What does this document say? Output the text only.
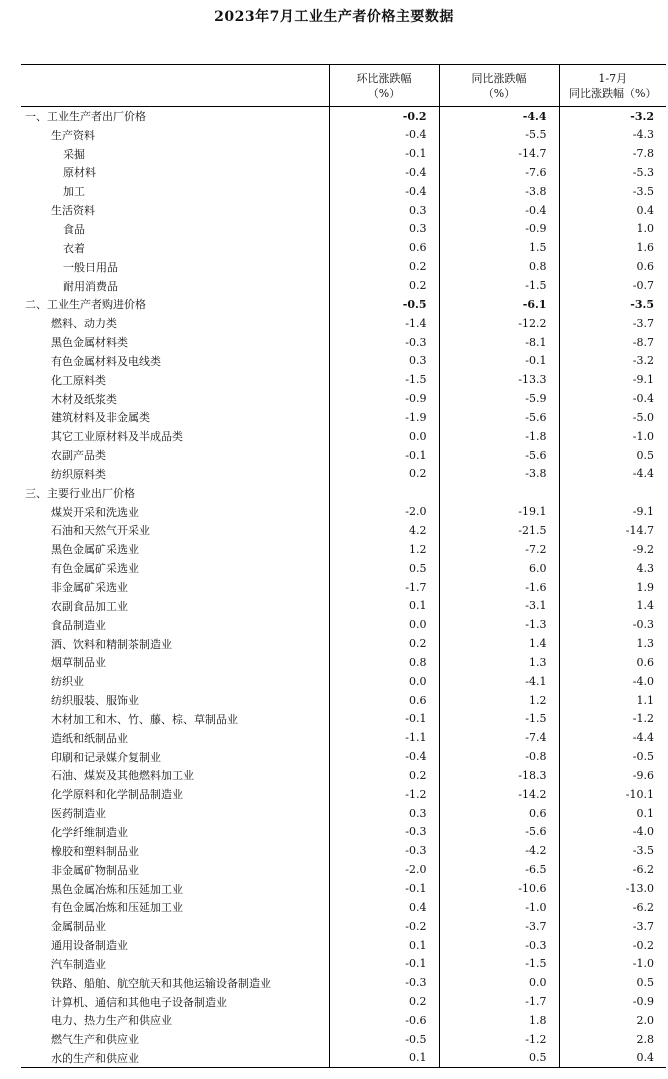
2023年7月工业生产者价格主要数据

	环比涨跌幅
（%）	同比涨跌幅
（%）	1-7月
同比涨跌幅（%）

一、工业生产者出厂价格	-0.2	-4.4	-3.2
生产资料	-0.4	-5.5	-4.3
采掘	-0.1	-14.7	-7.8
原材料	-0.4	-7.6	-5.3
加工	-0.4	-3.8	-3.5
生活资料	0.3	-0.4	0.4
食品	0.3	-0.9	1.0
衣着	0.6	1.5	1.6
一般日用品	0.2	0.8	0.6
耐用消费品	0.2	-1.5	-0.7
二、工业生产者购进价格	-0.5	-6.1	-3.5
燃料、动力类	-1.4	-12.2	-3.7
黑色金属材料类	-0.3	-8.1	-8.7
有色金属材料及电线类	0.3	-0.1	-3.2
化工原料类	-1.5	-13.3	-9.1
木材及纸浆类	-0.9	-5.9	-0.4
建筑材料及非金属类	-1.9	-5.6	-5.0
其它工业原材料及半成品类	0.0	-1.8	-1.0
农副产品类	-0.1	-5.6	0.5
纺织原料类	0.2	-3.8	-4.4
三、主要行业出厂价格			
煤炭开采和洗选业	-2.0	-19.1	-9.1
石油和天然气开采业	4.2	-21.5	-14.7
黑色金属矿采选业	1.2	-7.2	-9.2
有色金属矿采选业	0.5	6.0	4.3
非金属矿采选业	-1.7	-1.6	1.9
农副食品加工业	0.1	-3.1	1.4
食品制造业	0.0	-1.3	-0.3
酒、饮料和精制茶制造业	0.2	1.4	1.3
烟草制品业	0.8	1.3	0.6
纺织业	0.0	-4.1	-4.0
纺织服装、服饰业	0.6	1.2	1.1
木材加工和木、竹、藤、棕、草制品业	-0.1	-1.5	-1.2
造纸和纸制品业	-1.1	-7.4	-4.4
印刷和记录媒介复制业	-0.4	-0.8	-0.5
石油、煤炭及其他燃料加工业	0.2	-18.3	-9.6
化学原料和化学制品制造业	-1.2	-14.2	-10.1
医药制造业	0.3	0.6	0.1
化学纤维制造业	-0.3	-5.6	-4.0
橡胶和塑料制品业	-0.3	-4.2	-3.5
非金属矿物制品业	-2.0	-6.5	-6.2
黑色金属冶炼和压延加工业	-0.1	-10.6	-13.0
有色金属冶炼和压延加工业	0.4	-1.0	-6.2
金属制品业	-0.2	-3.7	-3.7
通用设备制造业	0.1	-0.3	-0.2
汽车制造业	-0.1	-1.5	-1.0
铁路、船舶、航空航天和其他运输设备制造业	-0.3	0.0	0.5
计算机、通信和其他电子设备制造业	0.2	-1.7	-0.9
电力、热力生产和供应业	-0.6	1.8	2.0
燃气生产和供应业	-0.5	-1.2	2.8
水的生产和供应业	0.1	0.5	0.4
